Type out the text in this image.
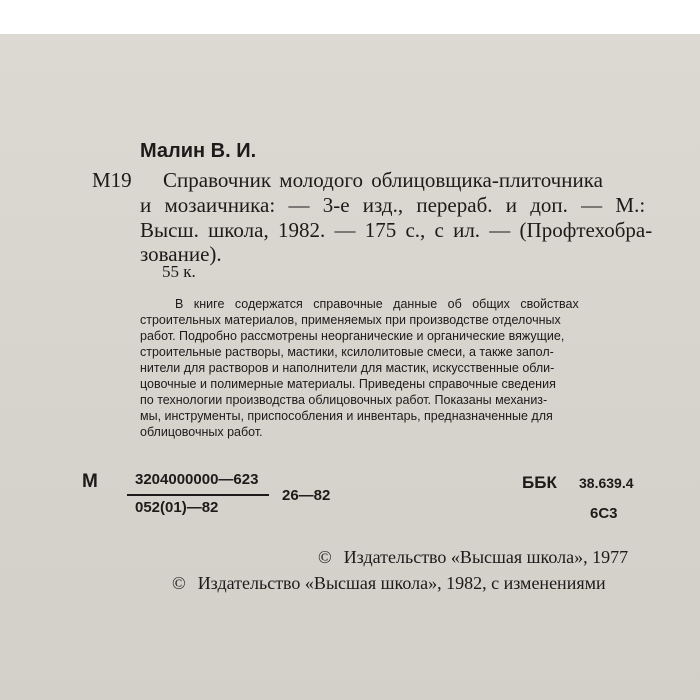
Малин В. И.
М19 Справочник молодого облицовщика-плиточника
и мозаичника: — 3-е изд., перераб. и доп. — М.:
Высш. школа, 1982. — 175 с., с ил. — (Профтехобра-
зование).
55 к.
В книге содержатся справочные данные об общих свойствах
строительных материалов, применяемых при производстве отделочных
работ. Подробно рассмотрены неорганические и органические вяжущие,
строительные растворы, мастики, ксилолитовые смеси, а также запол-
нители для растворов и наполнители для мастик, искусственные обли-
цовочные и полимерные материалы. Приведены справочные сведения
по технологии производства облицовочных работ. Показаны механиз-
мы, инструменты, приспособления и инвентарь, предназначенные для
облицовочных работ.
М 3204000000—623
052(01)—82
26—82
ББК 38.639.4
6С3
© Издательство «Высшая школа», 1977
© Издательство «Высшая школа», 1982, с изменениями
